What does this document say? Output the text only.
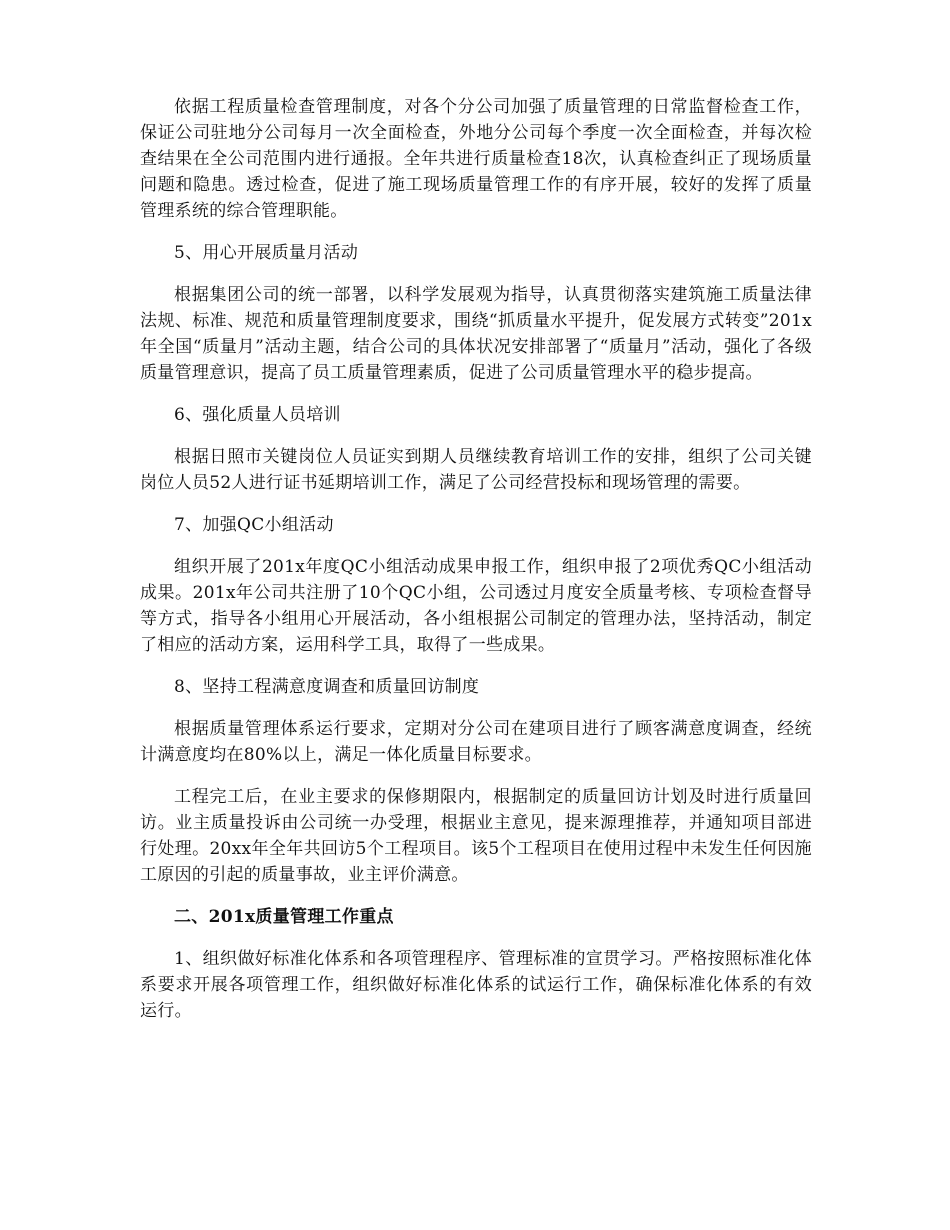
依据工程质量检查管理制度，对各个分公司加强了质量管理的日常监督检查工作，保证公司驻地分公司每月一次全面检查，外地分公司每个季度一次全面检查，并每次检查结果在全公司范围内进行通报。全年共进行质量检查18次，认真检查纠正了现场质量问题和隐患。透过检查，促进了施工现场质量管理工作的有序开展，较好的发挥了质量管理系统的综合管理职能。

5、用心开展质量月活动

根据集团公司的统一部署，以科学发展观为指导，认真贯彻落实建筑施工质量法律法规、标准、规范和质量管理制度要求，围绕“抓质量水平提升，促发展方式转变”201x年全国“质量月”活动主题，结合公司的具体状况安排部署了“质量月”活动，强化了各级质量管理意识，提高了员工质量管理素质，促进了公司质量管理水平的稳步提高。

6、强化质量人员培训

根据日照市关键岗位人员证实到期人员继续教育培训工作的安排，组织了公司关键岗位人员52人进行证书延期培训工作，满足了公司经营投标和现场管理的需要。

7、加强QC小组活动

组织开展了201x年度QC小组活动成果申报工作，组织申报了2项优秀QC小组活动成果。201x年公司共注册了10个QC小组，公司透过月度安全质量考核、专项检查督导等方式，指导各小组用心开展活动，各小组根据公司制定的管理办法，坚持活动，制定了相应的活动方案，运用科学工具，取得了一些成果。

8、坚持工程满意度调查和质量回访制度

根据质量管理体系运行要求，定期对分公司在建项目进行了顾客满意度调查，经统计满意度均在80%以上，满足一体化质量目标要求。

工程完工后，在业主要求的保修期限内，根据制定的质量回访计划及时进行质量回访。业主质量投诉由公司统一办受理，根据业主意见，提来源理推荐，并通知项目部进行处理。20xx年全年共回访5个工程项目。该5个工程项目在使用过程中未发生任何因施工原因的引起的质量事故，业主评价满意。

二、201x质量管理工作重点

1、组织做好标准化体系和各项管理程序、管理标准的宣贯学习。严格按照标准化体系要求开展各项管理工作，组织做好标准化体系的试运行工作，确保标准化体系的有效运行。
